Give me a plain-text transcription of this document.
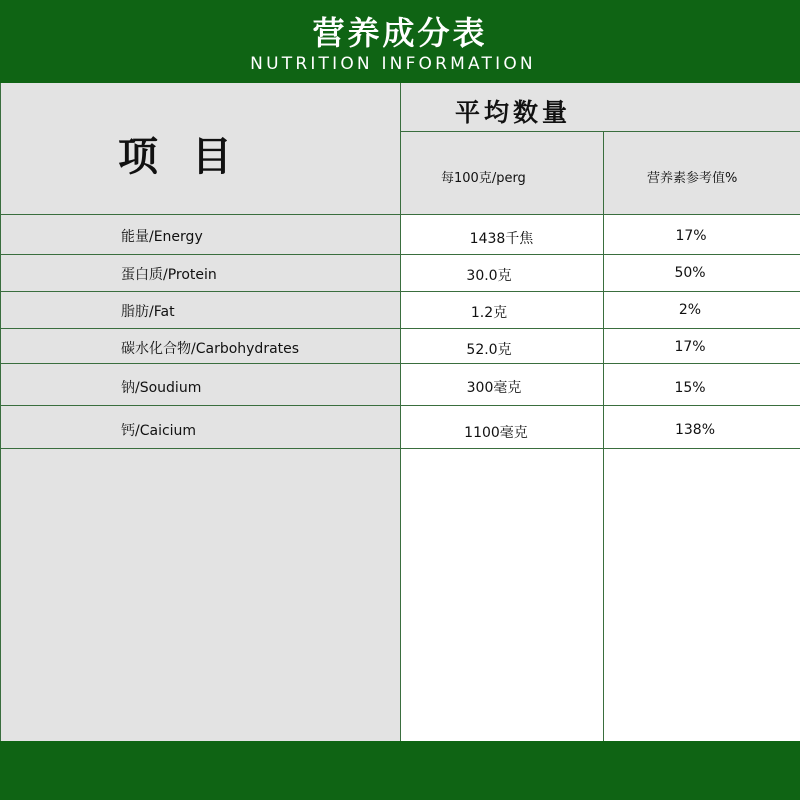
营养成分表
NUTRITION INFORMATION
项 目
平均数量
每100克/perg	营养素参考值%
能量/Energy	1438千焦	17%
蛋白质/Protein	30.0克	50%
脂肪/Fat	1.2克	2%
碳水化合物/Carbohydrates	52.0克	17%
钠/Soudium	300毫克	15%
钙/Caicium	1100毫克	138%
